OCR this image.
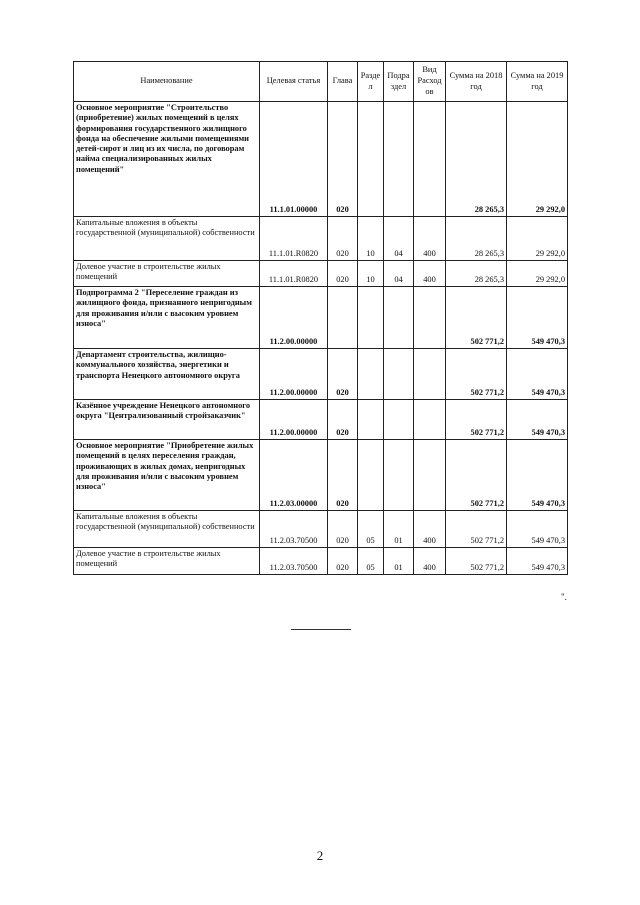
Наименование	Целевая статья	Глава	Разде л	Подра здел	Вид Расход ов	Сумма на 2018 год	Сумма на 2019 год
Основное мероприятие "Строительство (приобретение) жилых помещений в целях формирования государственного жилищного фонда на обеспечение жилыми помещениями детей-сирот и лиц из их числа, по договорам найма специализированных жилых помещений"	11.1.01.00000	020				28 265,3	29 292,0
Капитальные вложения в объекты государственной (муниципальной) собственности	11.1.01.R0820	020	10	04	400	28 265,3	29 292,0
Долевое участие в строительстве жилых помещений	11.1.01.R0820	020	10	04	400	28 265,3	29 292,0
Подпрограмма 2 "Переселение граждан из жилищного фонда, признанного непригодным для проживания и/или с высоким уровнем износа"	11.2.00.00000					502 771,2	549 470,3
Департамент строительства, жилищно-коммунального хозяйства, энергетики и транспорта Ненецкого автономного округа	11.2.00.00000	020				502 771,2	549 470,3
Казённое учреждение Ненецкого автономного округа "Централизованный стройзаказчик"	11.2.00.00000	020				502 771,2	549 470,3
Основное мероприятие "Приобретение жилых помещений в целях переселения граждан, проживающих в жилых домах, непригодных для проживания и/или с высоким уровнем износа"	11.2.03.00000	020				502 771,2	549 470,3
Капитальные вложения в объекты государственной (муниципальной) собственности	11.2.03.70500	020	05	01	400	502 771,2	549 470,3
Долевое участие в строительстве жилых помещений	11.2.03.70500	020	05	01	400	502 771,2	549 470,3
".
2
